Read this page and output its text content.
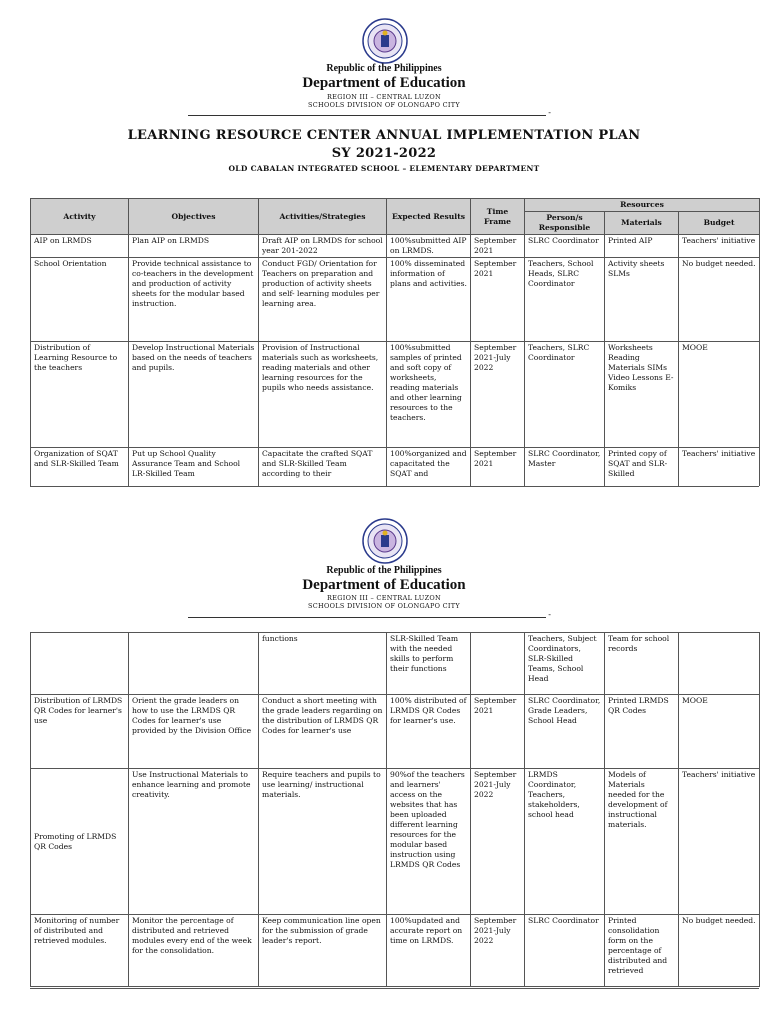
Republic of the Philippines
Department of Education
REGION III – CENTRAL LUZON
SCHOOLS DIVISION OF OLONGAPO CITY
-
LEARNING RESOURCE CENTER ANNUAL IMPLEMENTATION PLAN
SY 2021-2022
OLD CABALAN INTEGRATED SCHOOL – ELEMENTARY DEPARTMENT
Activity	Objectives	Activities/Strategies	Expected Results	Time Frame	Resources		
					Person/s Responsible	Materials	Budget
AIP on LRMDS	Plan AIP on LRMDS	Draft AIP on LRMDS for school year 201-2022	100%submitted AIP on LRMDS.	September 2021	SLRC Coordinator	Printed AIP	Teachers' initiative
School Orientation	Provide technical assistance to co-teachers in the development and production of activity sheets for the modular based instruction.	Conduct FGD/ Orientation for Teachers on preparation and production of activity sheets and self- learning modules per learning area.	100% disseminated information of plans and activities.	September 2021	Teachers, School Heads, SLRC Coordinator	Activity sheets SLMs	No budget needed.
Distribution of Learning Resource to the teachers	Develop Instructional Materials based on the needs of teachers and pupils.	Provision of Instructional materials such as worksheets, reading materials and other learning resources for the pupils who needs assistance.	100%submitted samples of printed and soft copy of worksheets, reading materials and other learning resources to the teachers.	September 2021-July 2022	Teachers, SLRC Coordinator	Worksheets Reading Materials SIMs Video Lessons E-Komiks	MOOE
Organization of SQAT and SLR-Skilled Team	Put up School Quality Assurance Team and School LR-Skilled Team	Capacitate the crafted SQAT and SLR-Skilled Team according to their	100%organized and capacitated the SQAT and	September 2021	SLRC Coordinator, Master	Printed copy of SQAT and SLR-Skilled	Teachers' initiative
Republic of the Philippines
Department of Education
REGION III – CENTRAL LUZON
SCHOOLS DIVISION OF OLONGAPO CITY
-
		functions	SLR-Skilled Team with the needed skills to perform their functions		Teachers, Subject Coordinators, SLR-Skilled Teams, School Head	Team for school records	
Distribution of LRMDS QR Codes for learner's use	Orient the grade leaders on how to use the LRMDS QR Codes for learner's use provided by the Division Office	Conduct a short meeting with the grade leaders regarding on the distribution of LRMDS QR Codes for learner's use	100% distributed of LRMDS QR Codes for learner's use.	September 2021	SLRC Coordinator, Grade Leaders, School Head	Printed LRMDS QR Codes	MOOE
Promoting of LRMDS QR Codes	Use Instructional Materials to enhance learning and promote creativity.	Require teachers and pupils to use learning/ instructional materials.	90%of the teachers and learners' access on the websites that has been uploaded different learning resources for the modular based instruction using LRMDS QR Codes	September 2021-July 2022	LRMDS Coordinator, Teachers, stakeholders, school head	Models of Materials needed for the development of instructional materials.	Teachers' initiative
Monitoring of number of distributed and retrieved modules.	Monitor the percentage of distributed and retrieved modules every end of the week for the consolidation.	Keep communication line open for the submission of grade leader's report.	100%updated and accurate report on time on LRMDS.	September 2021-July 2022	SLRC Coordinator	Printed consolidation form on the percentage of distributed and retrieved	No budget needed.
